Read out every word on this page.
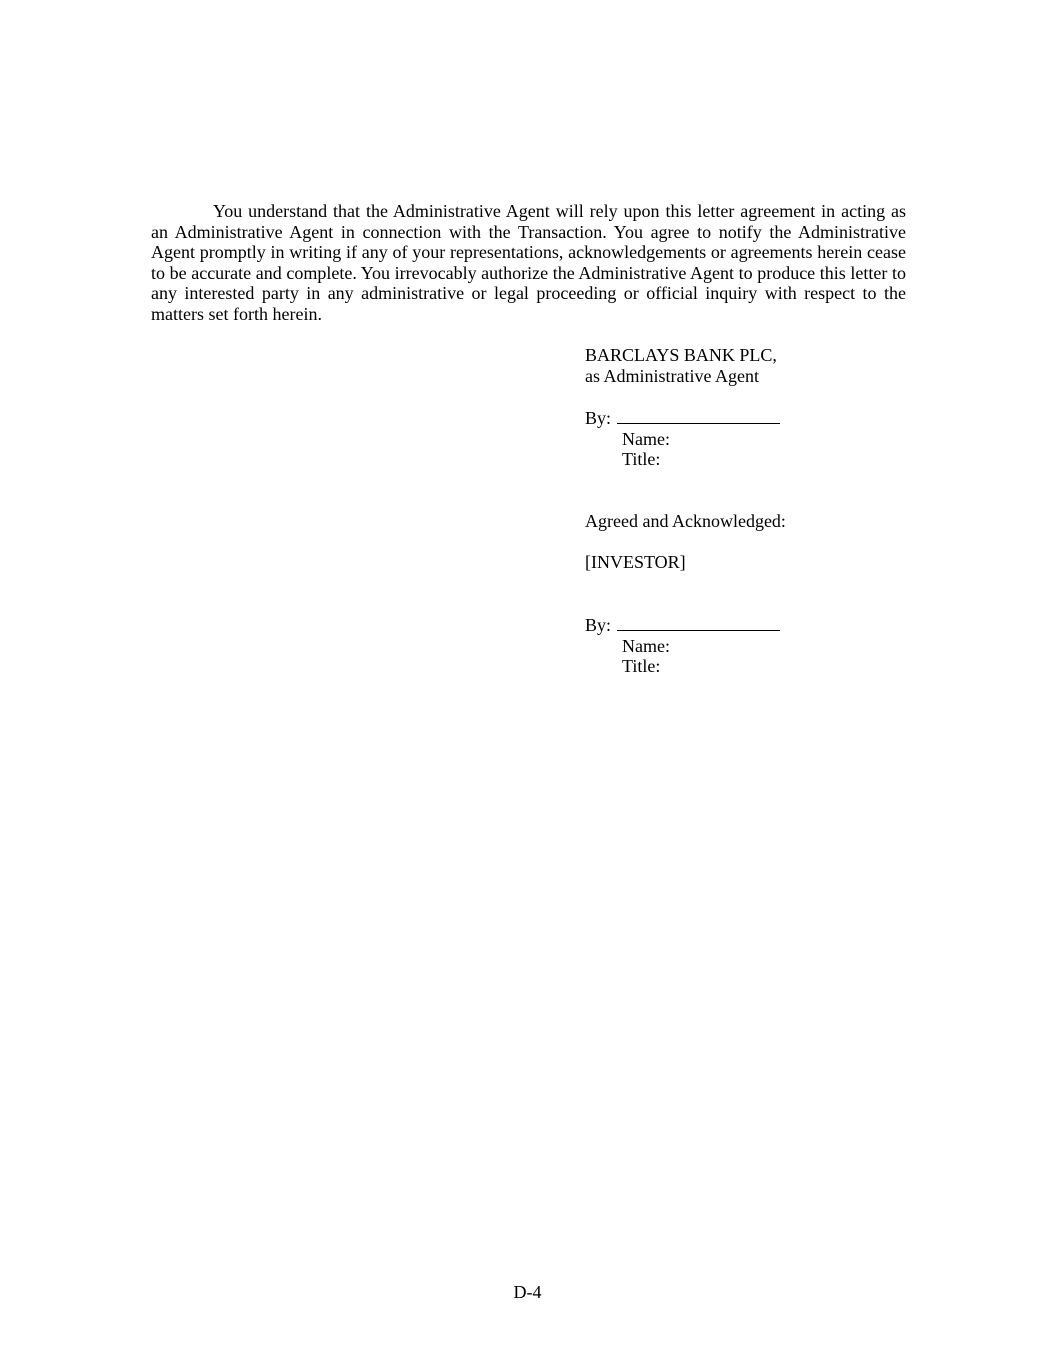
You understand that the Administrative Agent will rely upon this letter agreement in acting as an Administrative Agent in connection with the Transaction. You agree to notify the Administrative Agent promptly in writing if any of your representations, acknowledgements or agreements herein cease to be accurate and complete. You irrevocably authorize the Administrative Agent to produce this letter to any interested party in any administrative or legal proceeding or official inquiry with respect to the matters set forth herein.

BARCLAYS BANK PLC,
as Administrative Agent
By:
Name:
Title:
Agreed and Acknowledged:
[INVESTOR]
By:
Name:
Title:
D-4
